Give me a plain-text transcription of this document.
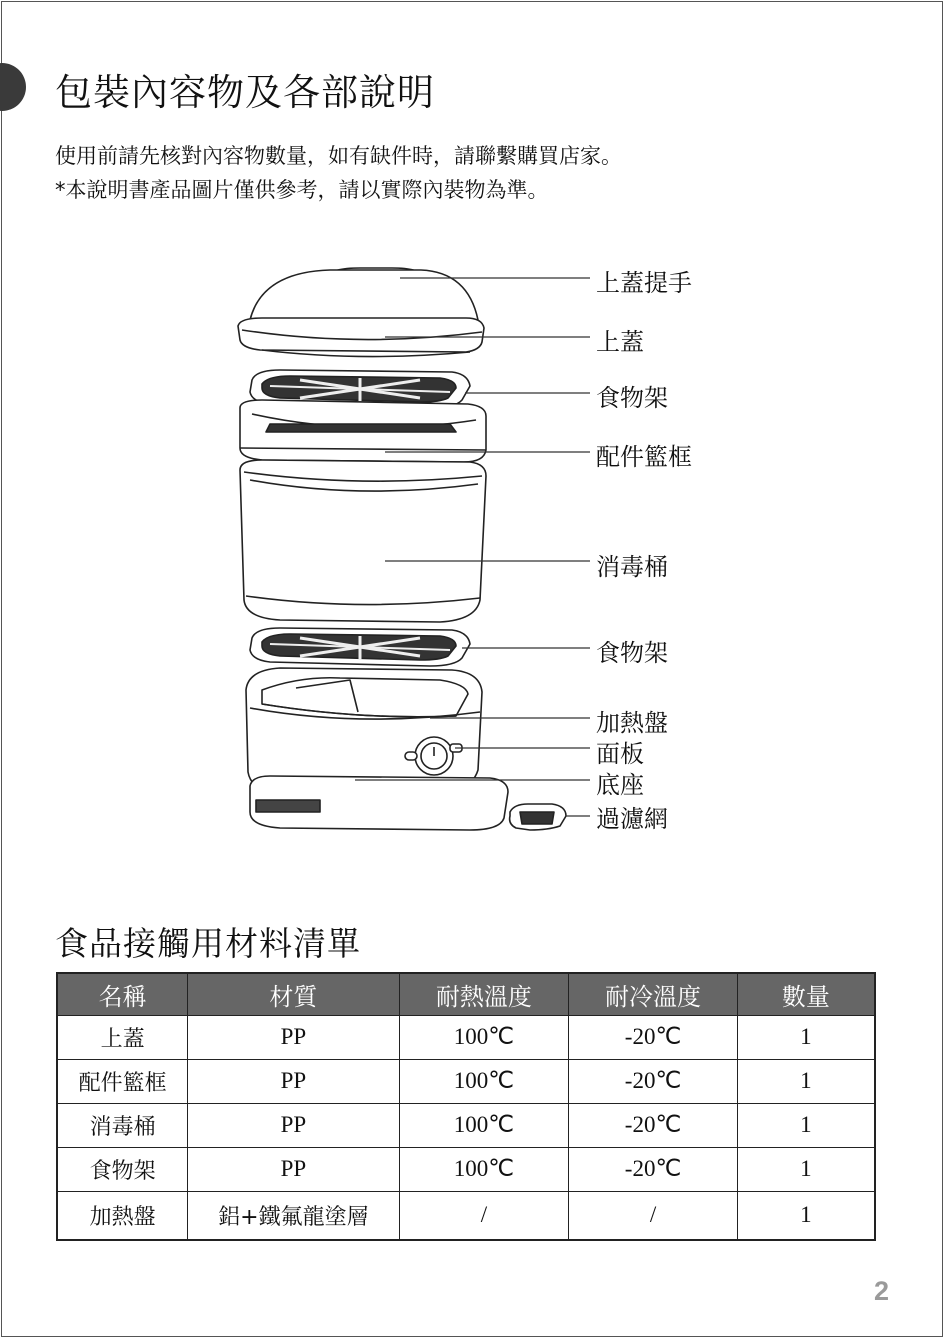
包裝內容物及各部說明

使用前請先核對內容物數量，如有缺件時，請聯繫購買店家。

*本說明書產品圖片僅供參考，請以實際內裝物為準。

上蓋提手
上蓋
食物架
配件籃框
消毒桶
食物架
加熱盤
面板
底座
過濾網
食品接觸用材料清單
名稱	材質	耐熱溫度	耐冷溫度	數量
上蓋	PP	100℃	-20℃	1
配件籃框	PP	100℃	-20℃	1
消毒桶	PP	100℃	-20℃	1
食物架	PP	100℃	-20℃	1
加熱盤	鋁+鐵氟龍塗層	/	/	1
2
